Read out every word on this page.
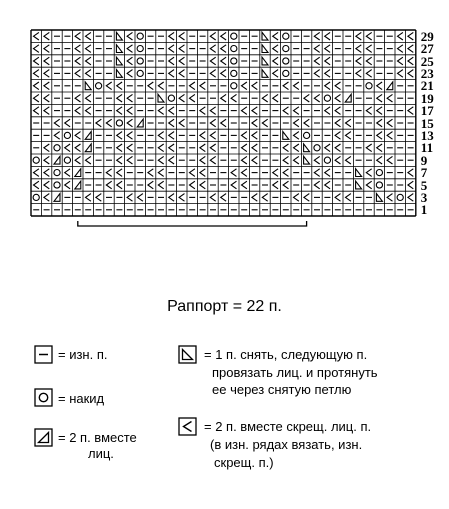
29
27
25
23
21
19
17
15
13
11
9
7
5
3
1
Раппорт = 22 п.
= изн. п.
= накид
= 2 п. вместе
лиц.
= 1 п. снять, следующую п.
провязать лиц. и протянуть
ее через снятую петлю
= 2 п. вместе скрещ. лиц. п.
(в изн. рядах вязать, изн.
скрещ. п.)
